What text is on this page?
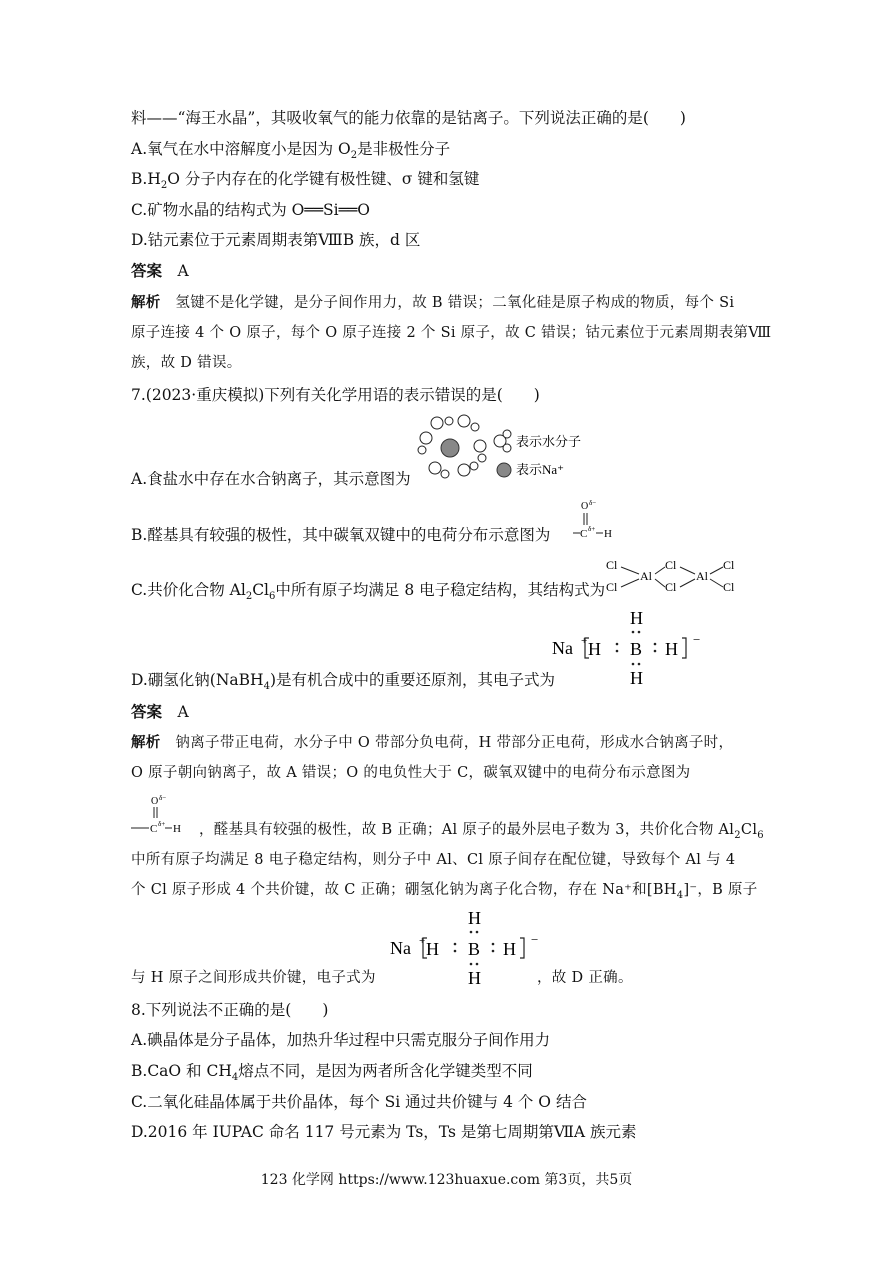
料——“海王水晶”，其吸收氧气的能力依靠的是钴离子。下列说法正确的是(　　)
A.氧气在水中溶解度小是因为 $O_2$是非极性分子
$B.H_2O$ 分子内存在的化学键有极性键、σ 键和氢键
C.矿物水晶的结构式为 O══Si══O
D.钴元素位于元素周期表第ⅧB 族，d 区
答案　 A
解析　 氢键不是化学键，是分子间作用力，故 B 错误；二氧化硅是原子构成的物质，每个 Si
原子连接 4 个 O 原子，每个 O 原子连接 2 个 Si 原子，故 C 错误；钴元素位于元素周期表第Ⅷ
族，故 D 错误。
7.(2023·重庆模拟)下列有关化学用语的表示错误的是(　　)
表示水分子
表示Na⁺
A.食盐水中存在水合钠离子，其示意图为
O δ−
C δ+ H
B.醛基具有较强的极性，其中碳氧双键中的电荷分布示意图为
Cl
Cl
Al
Cl
Cl
Al
Cl
Cl
C.共价化合物 $Al_2Cl_6$中所有原子均满足 8 电子稳定结构，其结构式为
H
H
Na H B H
+	−
D.硼氢化钠(NaBH$_4$)是有机合成中的重要还原剂，其电子式为
答案　 A
解析　 钠离子带正电荷，水分子中 O 带部分负电荷，H 带部分正电荷，形成水合钠离子时，
O 原子朝向钠离子，故 A 错误；O 的电负性大于 C，碳氧双键中的电荷分布示意图为
O δ−
C δ+ H ，醛基具有较强的极性，故 B 正确；Al 原子的最外层电子数为 3，共价化合物 $Al_2Cl_6$
中所有原子均满足 8 电子稳定结构，则分子中 Al、Cl 原子间存在配位键，导致每个 Al 与 4
个 Cl 原子形成 4 个共价键，故 C 正确；硼氢化钠为离子化合物，存在 Na⁺和$[BH_4]^-$，B 原子
H
H
Na H B H
+	−
与 H 原子之间形成共价键，电子式为	，故 D 正确。
8.下列说法不正确的是(　　)
A.碘晶体是分子晶体，加热升华过程中只需克服分子间作用力
B.CaO 和 $CH_4$熔点不同，是因为两者所含化学键类型不同
C.二氧化硅晶体属于共价晶体，每个 Si 通过共价键与 4 个 O 结合
D.2016 年 IUPAC 命名 117 号元素为 Ts，Ts 是第七周期第ⅦA 族元素
123 化学网 https://www.123huaxue.com 第3页，共5页
